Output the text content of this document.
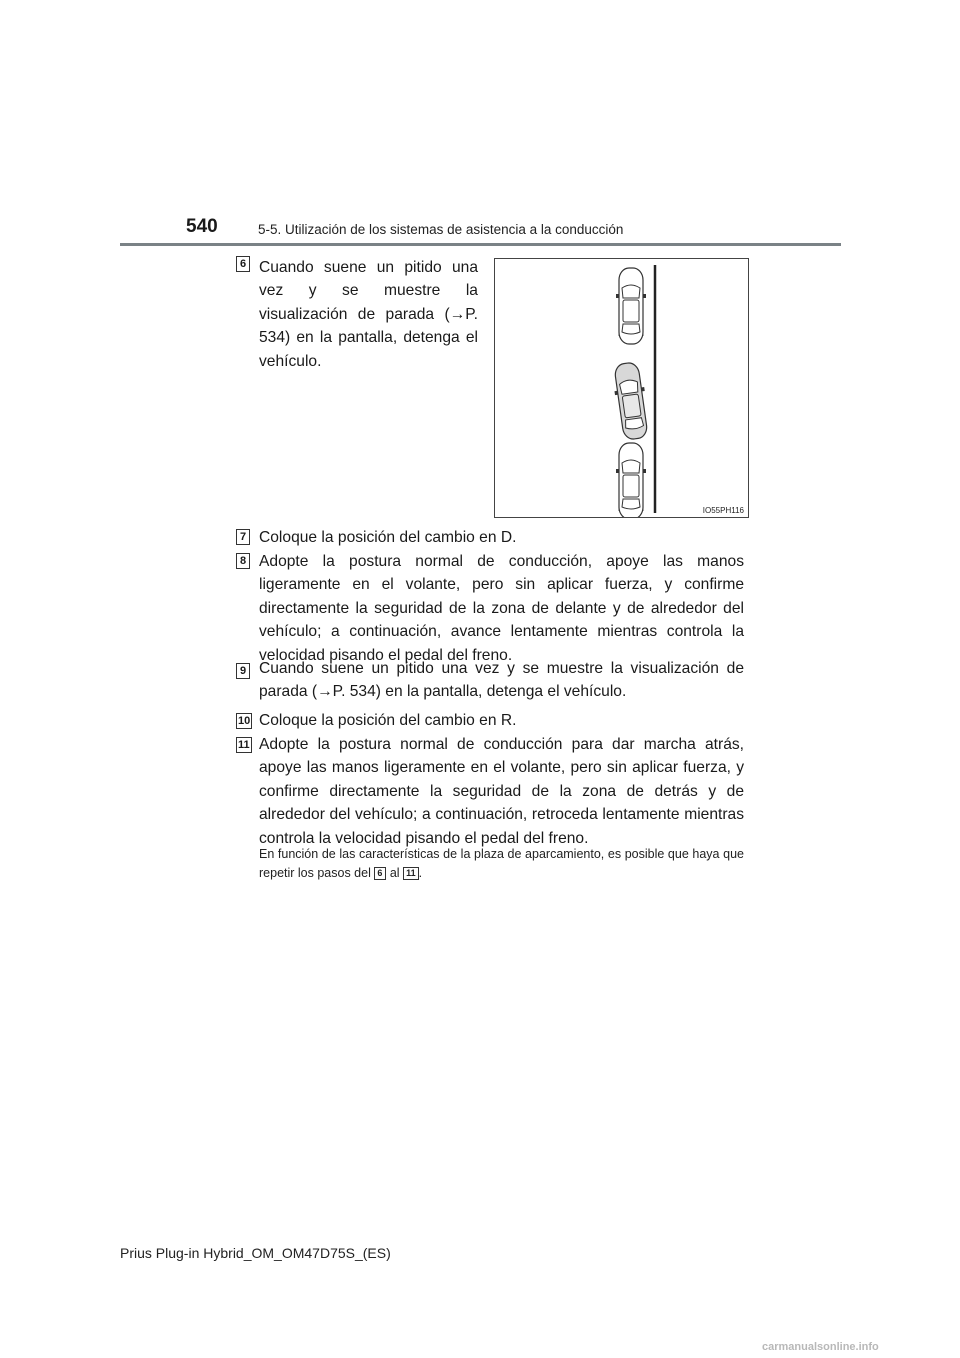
540	5-5. Utilización de los sistemas de asistencia a la conducción
6 Cuando suene un pitido una vez y se muestre la visualización de parada (→P. 534) en la pantalla, detenga el vehículo.
IO55PH116
7 Coloque la posición del cambio en D.
8 Adopte la postura normal de conducción, apoye las manos ligeramente en el volante, pero sin aplicar fuerza, y confirme directamente la seguridad de la zona de delante y de alrededor del vehículo; a continuación, avance lentamente mientras controla la velocidad pisando el pedal del freno.
9 Cuando suene un pitido una vez y se muestre la visualización de parada (→P. 534) en la pantalla, detenga el vehículo.
10 Coloque la posición del cambio en R.
11 Adopte la postura normal de conducción para dar marcha atrás, apoye las manos ligeramente en el volante, pero sin aplicar fuerza, y confirme directamente la seguridad de la zona de detrás y de alrededor del vehículo; a continuación, retroceda lentamente mientras controla la velocidad pisando el pedal del freno.
En función de las características de la plaza de aparcamiento, es posible que haya que repetir los pasos del 6 al 11 .
Prius Plug-in Hybrid_OM_OM47D75S_(ES)
carmanualsonline.info
